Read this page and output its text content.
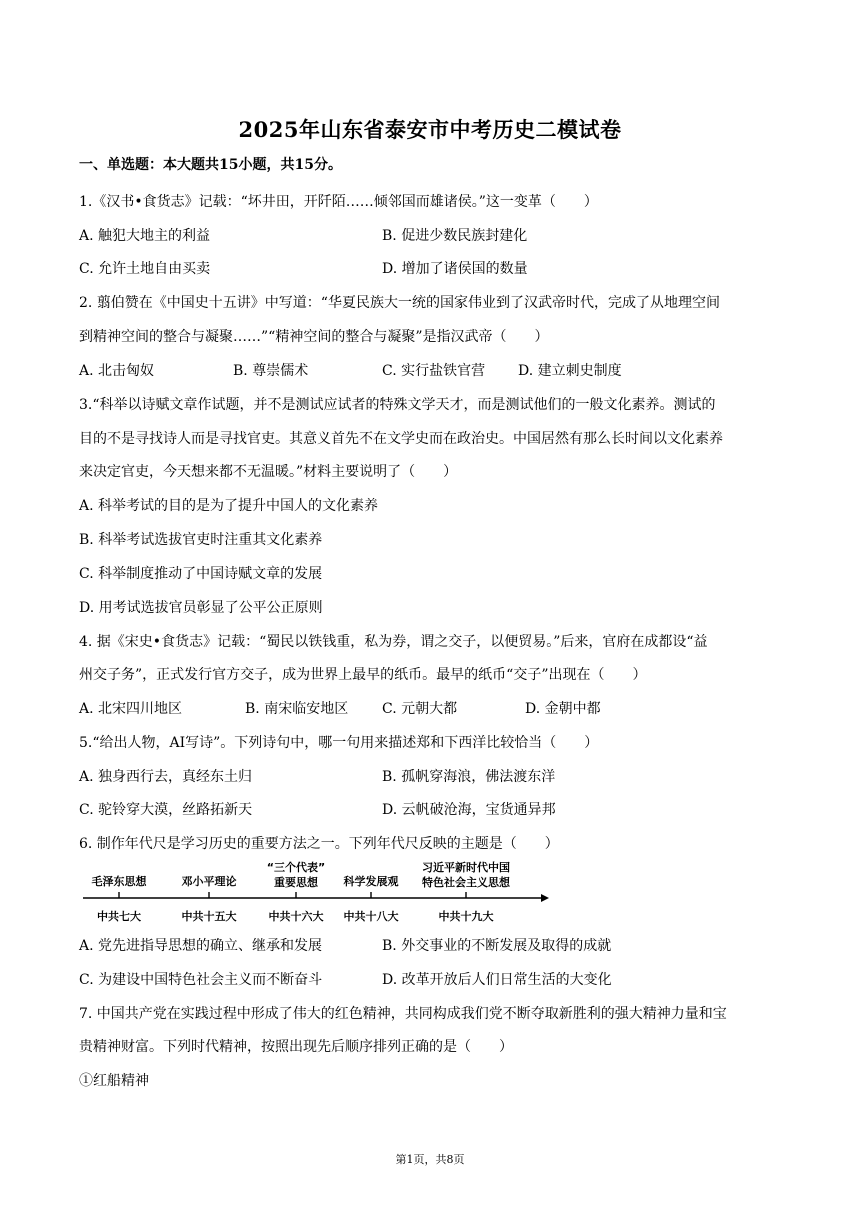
2025年山东省泰安市中考历史二模试卷
一、单选题：本大题共15小题，共15分。
1.《汉书•食货志》记载：“坏井田，开阡陌……倾邻国而雄诸侯。”这一变革（　　）
A. 触犯大地主的利益	B. 促进少数民族封建化
C. 允许土地自由买卖	D. 增加了诸侯国的数量
2. 翦伯赞在《中国史十五讲》中写道：“华夏民族大一统的国家伟业到了汉武帝时代，完成了从地理空间
到精神空间的整合与凝聚……”“精神空间的整合与凝聚”是指汉武帝（　　）
A. 北击匈奴	B. 尊崇儒术	C. 实行盐铁官营 D. 建立刺史制度
3.“科举以诗赋文章作试题，并不是测试应试者的特殊文学天才，而是测试他们的一般文化素养。测试的
目的不是寻找诗人而是寻找官吏。其意义首先不在文学史而在政治史。中国居然有那么长时间以文化素养
来决定官吏，今天想来都不无温暖。”材料主要说明了（　　）
A. 科举考试的目的是为了提升中国人的文化素养
B. 科举考试选拔官吏时注重其文化素养
C. 科举制度推动了中国诗赋文章的发展
D. 用考试选拔官员彰显了公平公正原则
4. 据《宋史•食货志》记载：“蜀民以铁钱重，私为券，谓之交子，以便贸易。”后来，官府在成都设“益
州交子务”，正式发行官方交子，成为世界上最早的纸币。最早的纸币“交子”出现在（　　）
A. 北宋四川地区	B. 南宋临安地区 C. 元朝大都	D. 金朝中都
5.“给出人物，AI写诗”。下列诗句中，哪一句用来描述郑和下西洋比较恰当（　　）
A. 独身西行去，真经东土归	B. 孤帆穿海浪，佛法渡东洋
C. 驼铃穿大漠，丝路拓新天	D. 云帆破沧海，宝货通异邦
6. 制作年代尺是学习历史的重要方法之一。下列年代尺反映的主题是（　　）
毛泽东思想	邓小平理论
“三个代表”
重要思想 科学发展观
习近平新时代中国
特色社会主义思想
中共七大	中共十五大	中共十六大 中共十八大	中共十九大
A. 党先进指导思想的确立、继承和发展	B. 外交事业的不断发展及取得的成就
C. 为建设中国特色社会主义而不断奋斗	D. 改革开放后人们日常生活的大变化
7. 中国共产党在实践过程中形成了伟大的红色精神，共同构成我们党不断夺取新胜利的强大精神力量和宝
贵精神财富。下列时代精神，按照出现先后顺序排列正确的是（　　）
①红船精神
第1页，共8页
